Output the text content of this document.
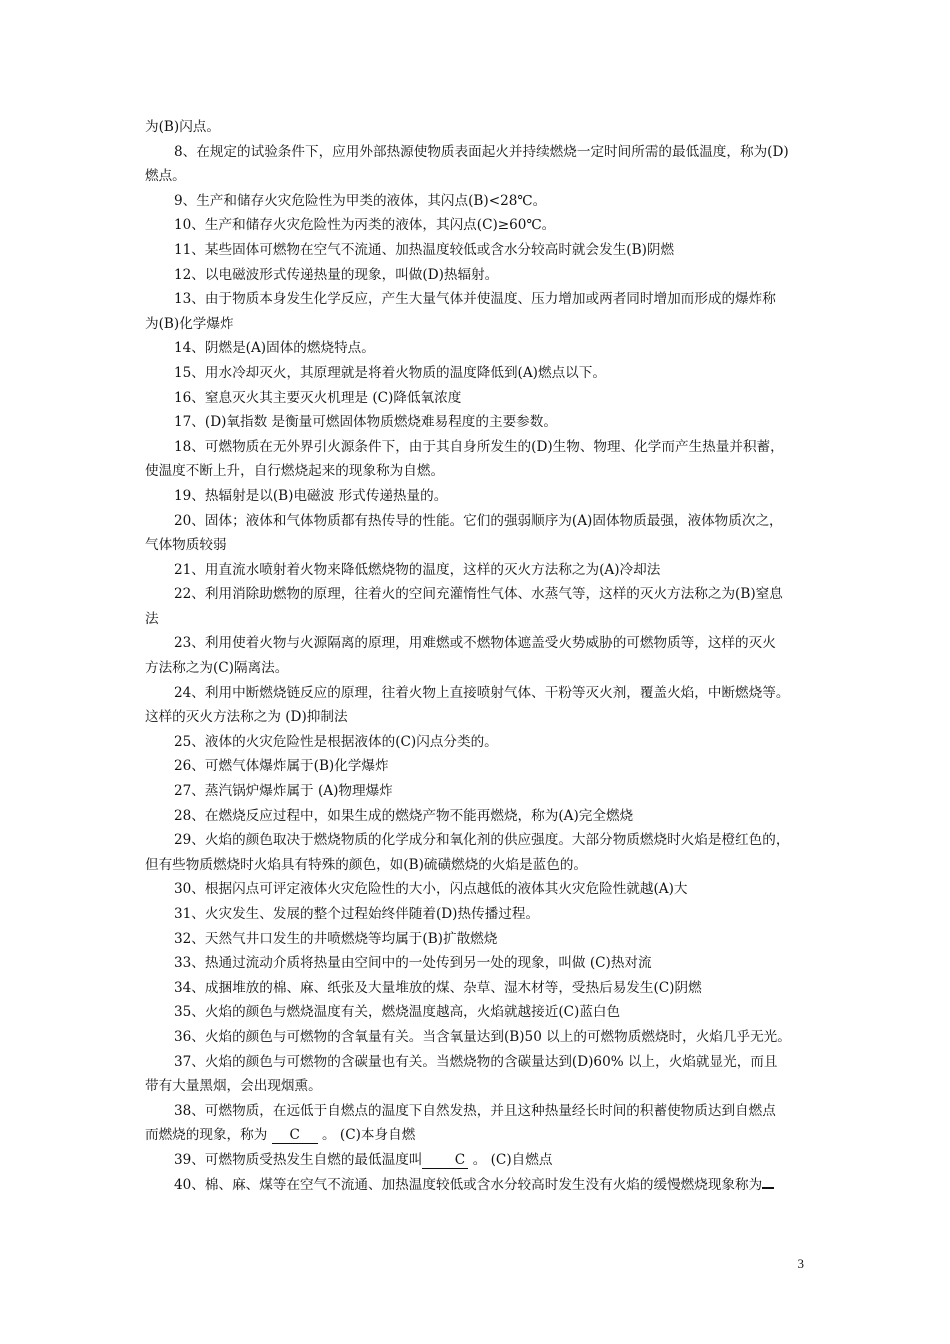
为(B)闪点。

8、在规定的试验条件下，应用外部热源使物质表面起火并持续燃烧一定时间所需的最低温度，称为(D)

燃点。

9、生产和储存火灾危险性为甲类的液体，其闪点(B)<28℃。

10、生产和储存火灾危险性为丙类的液体，其闪点(C)≥60℃。

11、某些固体可燃物在空气不流通、加热温度较低或含水分较高时就会发生(B)阴燃

12、以电磁波形式传递热量的现象，叫做(D)热辐射。

13、由于物质本身发生化学反应，产生大量气体并使温度、压力增加或两者同时增加而形成的爆炸称

为(B)化学爆炸

14、阴燃是(A)固体的燃烧特点。

15、用水冷却灭火，其原理就是将着火物质的温度降低到(A)燃点以下。

16、窒息灭火其主要灭火机理是 (C)降低氧浓度

17、(D)氧指数 是衡量可燃固体物质燃烧难易程度的主要参数。

18、可燃物质在无外界引火源条件下，由于其自身所发生的(D)生物、物理、化学而产生热量并积蓄，

使温度不断上升，自行燃烧起来的现象称为自燃。

19、热辐射是以(B)电磁波 形式传递热量的。

20、固体；液体和气体物质都有热传导的性能。它们的强弱顺序为(A)固体物质最强，液体物质次之，

气体物质较弱

21、用直流水喷射着火物来降低燃烧物的温度，这样的灭火方法称之为(A)冷却法

22、利用消除助燃物的原理，往着火的空间充灌惰性气体、水蒸气等，这样的灭火方法称之为(B)窒息

法

23、利用使着火物与火源隔离的原理，用难燃或不燃物体遮盖受火势威胁的可燃物质等，这样的灭火

方法称之为(C)隔离法。

24、利用中断燃烧链反应的原理，往着火物上直接喷射气体、干粉等灭火剂，覆盖火焰，中断燃烧等。

这样的灭火方法称之为 (D)抑制法

25、液体的火灾危险性是根据液体的(C)闪点分类的。

26、可燃气体爆炸属于(B)化学爆炸

27、蒸汽锅炉爆炸属于 (A)物理爆炸

28、在燃烧反应过程中，如果生成的燃烧产物不能再燃烧，称为(A)完全燃烧

29、火焰的颜色取决于燃烧物质的化学成分和氧化剂的供应强度。大部分物质燃烧时火焰是橙红色的，

但有些物质燃烧时火焰具有特殊的颜色，如(B)硫磺燃烧的火焰是蓝色的。

30、根据闪点可评定液体火灾危险性的大小，闪点越低的液体其火灾危险性就越(A)大

31、火灾发生、发展的整个过程始终伴随着(D)热传播过程。

32、天然气井口发生的井喷燃烧等均属于(B)扩散燃烧

33、热通过流动介质将热量由空间中的一处传到另一处的现象，叫做 (C)热对流

34、成捆堆放的棉、麻、纸张及大量堆放的煤、杂草、湿木材等，受热后易发生(C)阴燃

35、火焰的颜色与燃烧温度有关，燃烧温度越高，火焰就越接近(C)蓝白色

36、火焰的颜色与可燃物的含氧量有关。当含氧量达到(B)50 以上的可燃物质燃烧时，火焰几乎无光。

37、火焰的颜色与可燃物的含碳量也有关。当燃烧物的含碳量达到(D)60% 以上，火焰就显光，而且

带有大量黑烟，会出现烟熏。

38、可燃物质，在远低于自燃点的温度下自然发热，并且这种热量经长时间的积蓄使物质达到自燃点

而燃烧的现象，称为 C 。 (C)本身自燃

39、可燃物质受热发生自燃的最低温度叫 C 。 (C)自燃点

40、棉、麻、煤等在空气不流通、加热温度较低或含水分较高时发生没有火焰的缓慢燃烧现象称为

3
